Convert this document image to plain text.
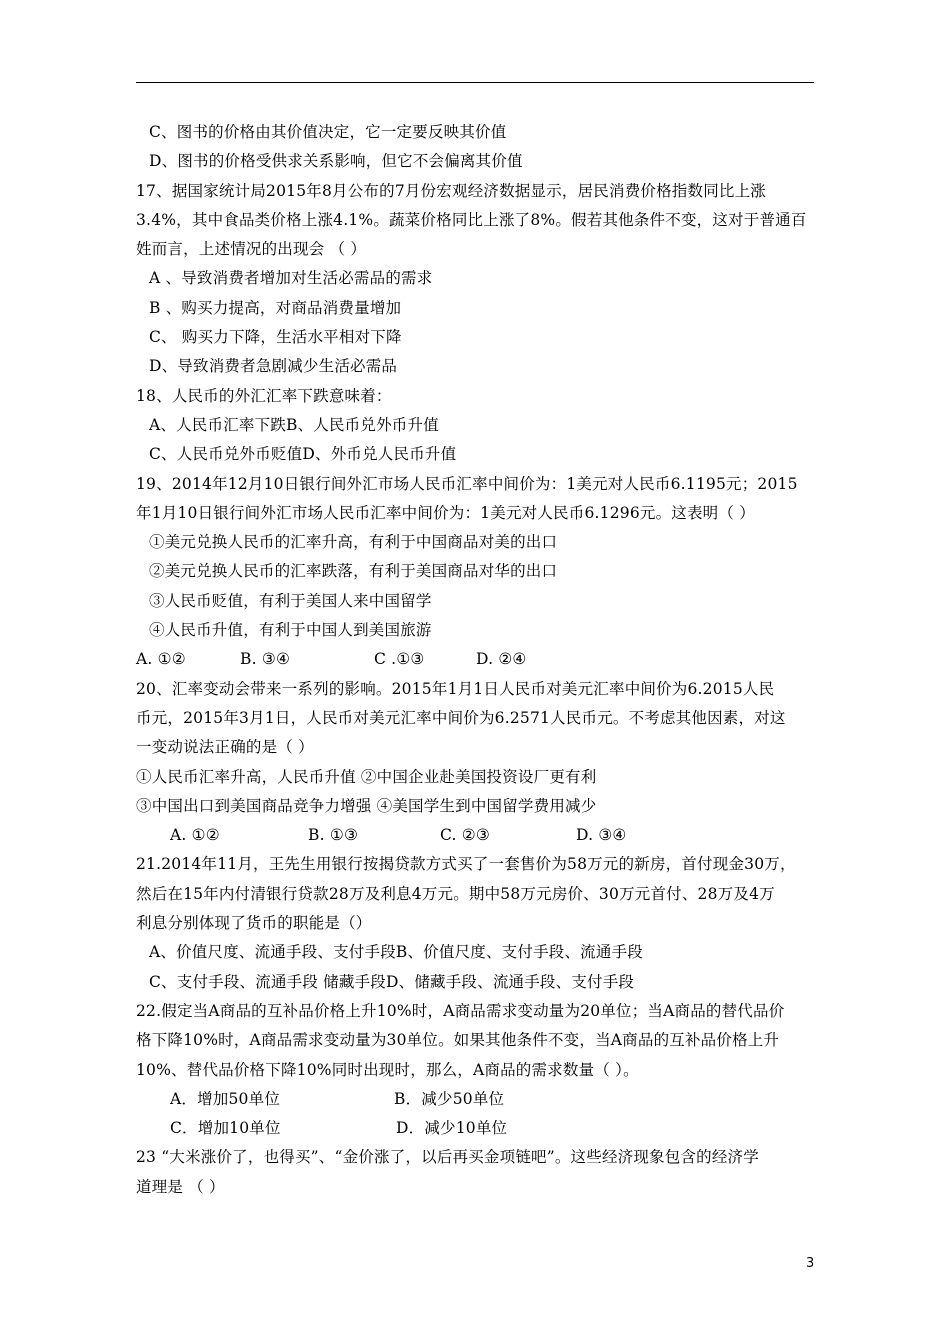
C、图书的价格由其价值决定，它一定要反映其价值
D、图书的价格受供求关系影响，但它不会偏离其价值
17、据国家统计局2015年8月公布的7月份宏观经济数据显示，居民消费价格指数同比上涨
3.4%，其中食品类价格上涨4.1%。蔬菜价格同比上涨了8%。假若其他条件不变，这对于普通百
姓而言，上述情况的出现会 （ ）
A 、导致消费者增加对生活必需品的需求
B 、购买力提高，对商品消费量增加
C、 购买力下降，生活水平相对下降
D、导致消费者急剧减少生活必需品
18、人民币的外汇汇率下跌意味着：
A、人民币汇率下跌B、人民币兑外币升值
C、人民币兑外币贬值D、外币兑人民币升值
19、2014年12月10日银行间外汇市场人民币汇率中间价为：1美元对人民币6.1195元；2015
年1月10日银行间外汇市场人民币汇率中间价为：1美元对人民币6.1296元。这表明（ ）
①美元兑换人民币的汇率升高，有利于中国商品对美的出口
②美元兑换人民币的汇率跌落，有利于美国商品对华的出口
③人民币贬值，有利于美国人来中国留学
④人民币升值，有利于中国人到美国旅游
A. ①②	B. ③④	C .①③	D. ②④
20、汇率变动会带来一系列的影响。2015年1月1日人民币对美元汇率中间价为6.2015人民
币元，2015年3月1日，人民币对美元汇率中间价为6.2571人民币元。不考虑其他因素，对这
一变动说法正确的是（ ）
①人民币汇率升高，人民币升值 ②中国企业赴美国投资设厂更有利
③中国出口到美国商品竞争力增强 ④美国学生到中国留学费用减少
A. ①②	B. ①③	C. ②③	D. ③④
21.2014年11月，王先生用银行按揭贷款方式买了一套售价为58万元的新房，首付现金30万，
然后在15年内付清银行贷款28万及利息4万元。期中58万元房价、30万元首付、28万及4万
利息分别体现了货币的职能是（）
A、价值尺度、流通手段、支付手段B、价值尺度、支付手段、流通手段
C、支付手段、流通手段 储藏手段D、储藏手段、流通手段、支付手段
22.假定当A商品的互补品价格上升10%时，A商品需求变动量为20单位；当A商品的替代品价
格下降10%时，A商品需求变动量为30单位。如果其他条件不变，当A商品的互补品价格上升
10%、替代品价格下降10%同时出现时，那么，A商品的需求数量（ ）。
A．增加50单位	B．减少50单位
C．增加10单位	D．减少10单位
23 “大米涨价了，也得买”、“金价涨了，以后再买金项链吧”。这些经济现象包含的经济学
道理是 （ ）
3
